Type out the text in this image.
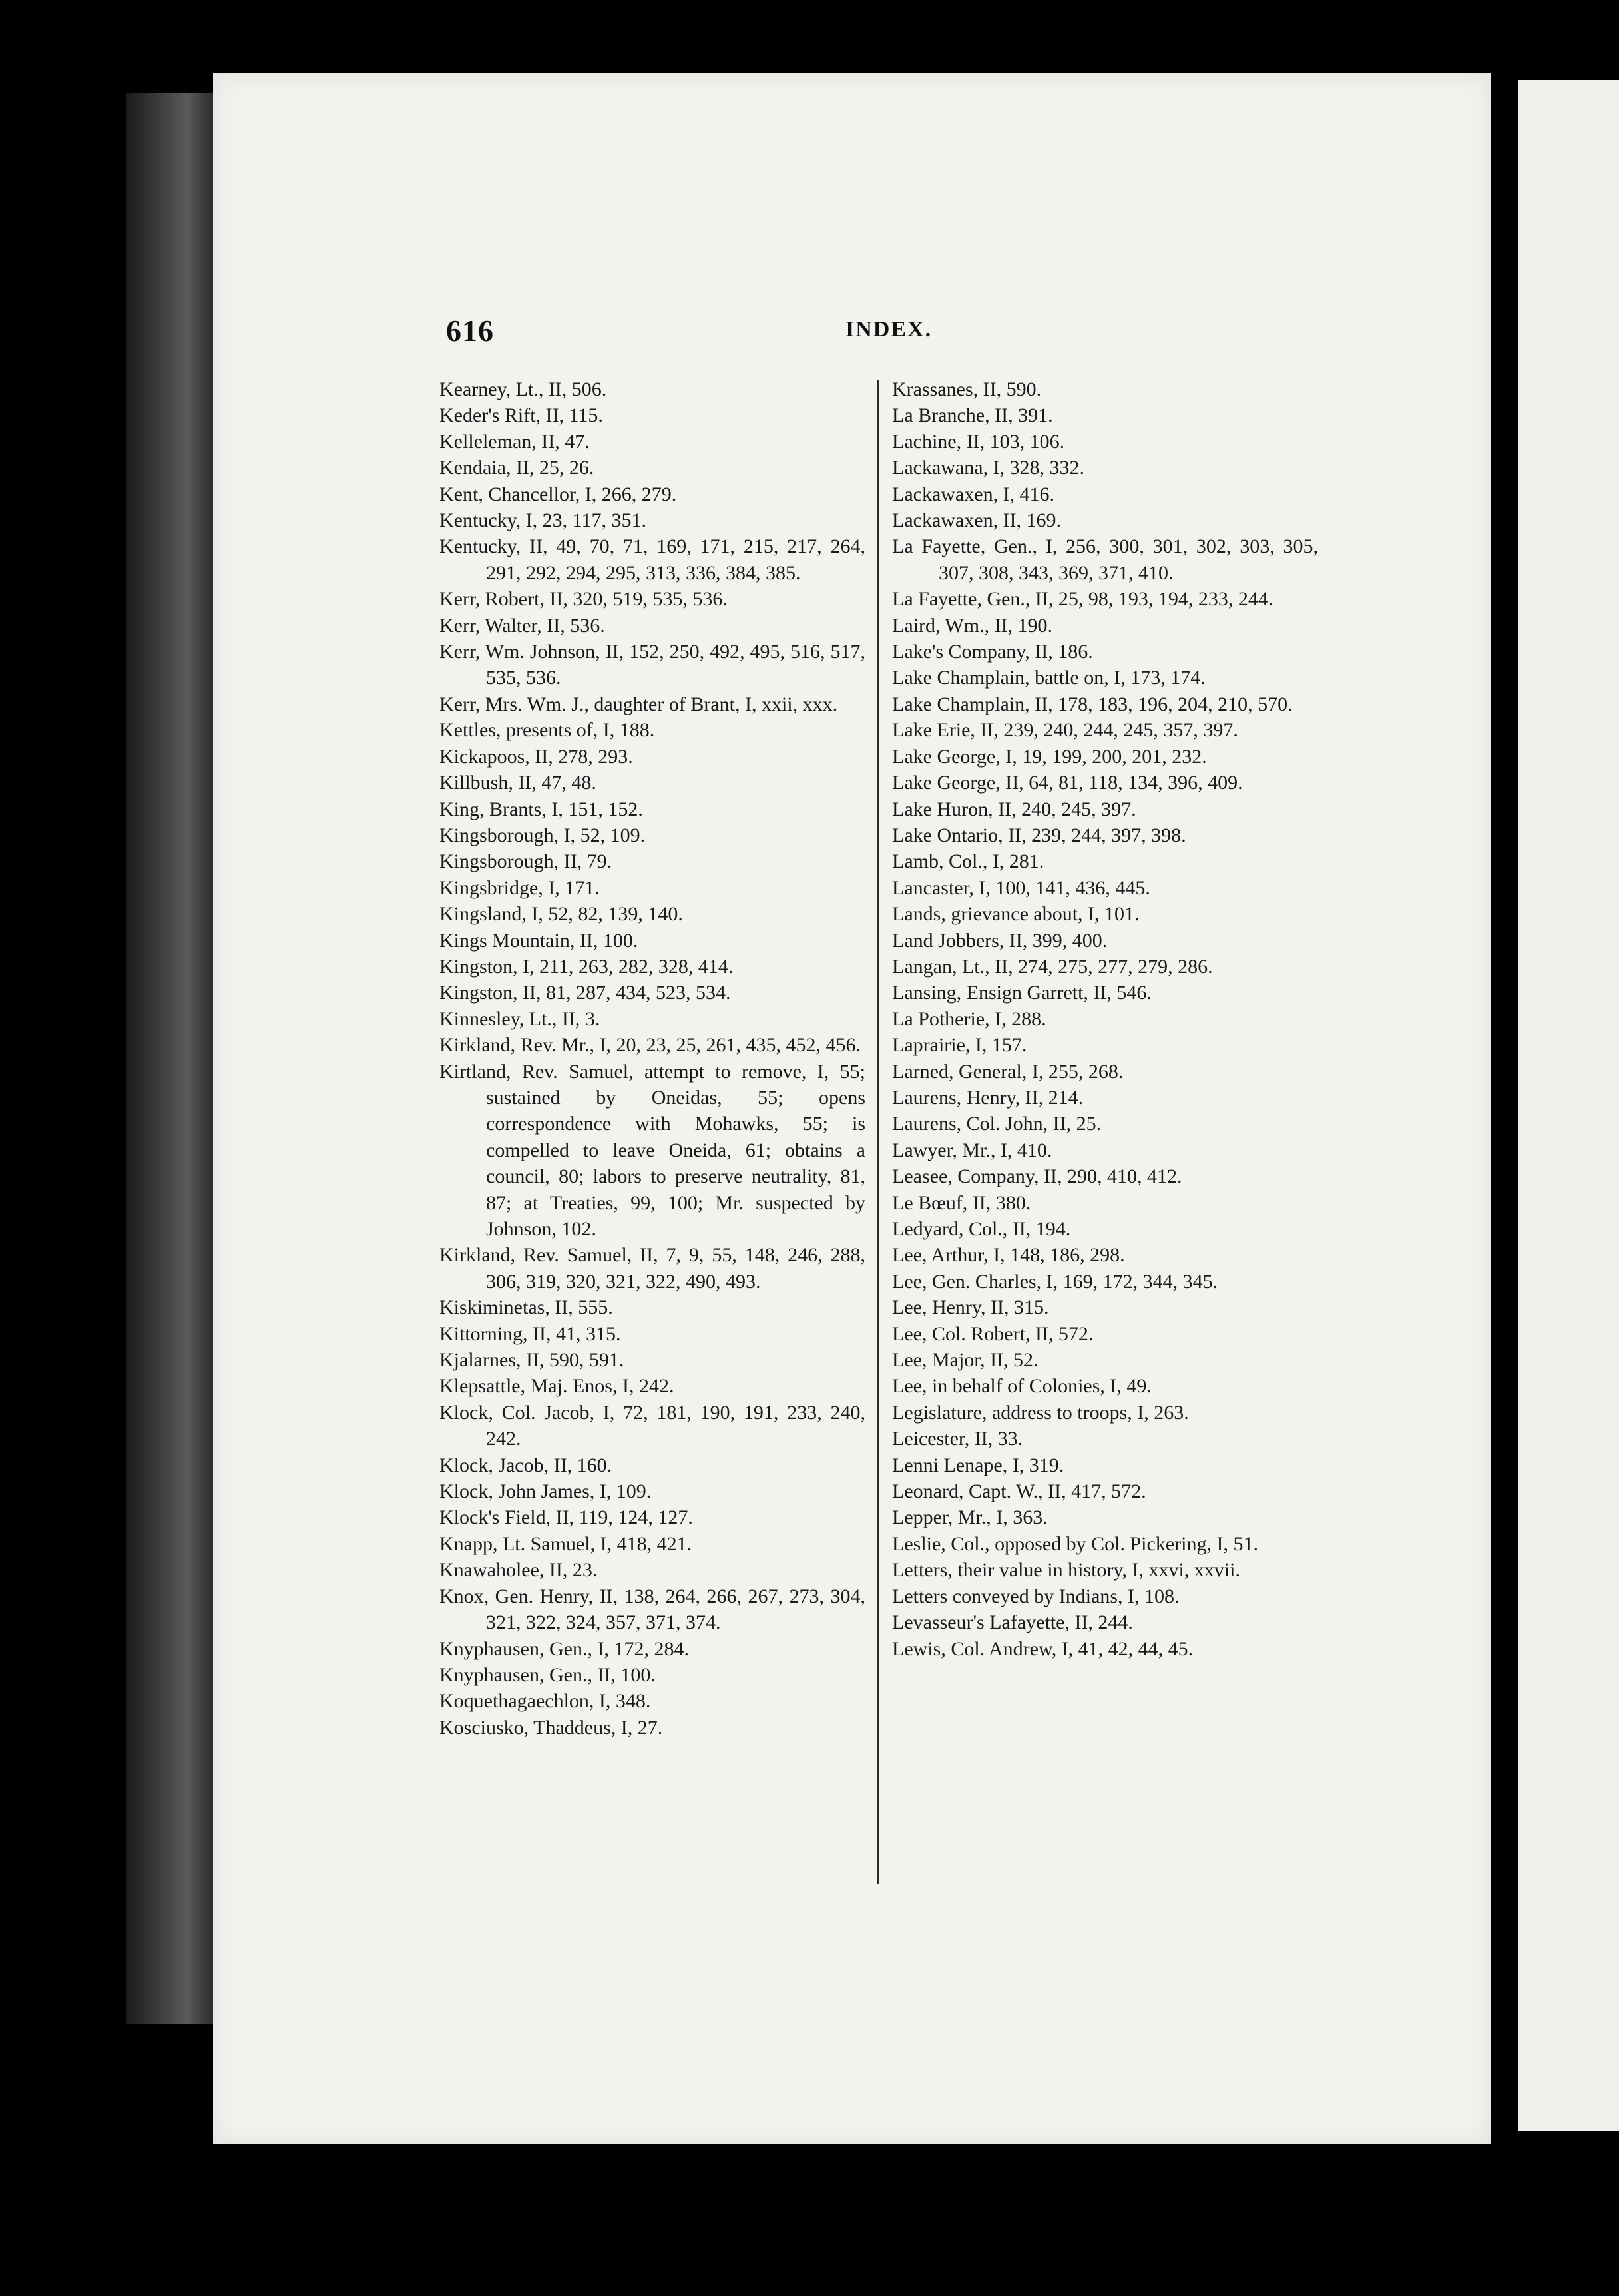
616	INDEX.

Kearney, Lt., II, 506.

Keder's Rift, II, 115.

Kelleleman, II, 47.

Kendaia, II, 25, 26.

Kent, Chancellor, I, 266, 279.

Kentucky, I, 23, 117, 351.

Kentucky, II, 49, 70, 71, 169, 171, 215, 217, 264, 291, 292, 294, 295, 313, 336, 384, 385.

Kerr, Robert, II, 320, 519, 535, 536.

Kerr, Walter, II, 536.

Kerr, Wm. Johnson, II, 152, 250, 492, 495, 516, 517, 535, 536.

Kerr, Mrs. Wm. J., daughter of Brant, I, xxii, xxx.

Kettles, presents of, I, 188.

Kickapoos, II, 278, 293.

Killbush, II, 47, 48.

King, Brants, I, 151, 152.

Kingsborough, I, 52, 109.

Kingsborough, II, 79.

Kingsbridge, I, 171.

Kingsland, I, 52, 82, 139, 140.

Kings Mountain, II, 100.

Kingston, I, 211, 263, 282, 328, 414.

Kingston, II, 81, 287, 434, 523, 534.

Kinnesley, Lt., II, 3.

Kirkland, Rev. Mr., I, 20, 23, 25, 261, 435, 452, 456.

Kirtland, Rev. Samuel, attempt to remove, I, 55; sustained by Oneidas, 55; opens correspondence with Mohawks, 55; is compelled to leave Oneida, 61; obtains a council, 80; labors to preserve neutrality, 81, 87; at Treaties, 99, 100; Mr. suspected by Johnson, 102.

Kirkland, Rev. Samuel, II, 7, 9, 55, 148, 246, 288, 306, 319, 320, 321, 322, 490, 493.

Kiskiminetas, II, 555.

Kittorning, II, 41, 315.

Kjalarnes, II, 590, 591.

Klepsattle, Maj. Enos, I, 242.

Klock, Col. Jacob, I, 72, 181, 190, 191, 233, 240, 242.

Klock, Jacob, II, 160.

Klock, John James, I, 109.

Klock's Field, II, 119, 124, 127.

Knapp, Lt. Samuel, I, 418, 421.

Knawaholee, II, 23.

Knox, Gen. Henry, II, 138, 264, 266, 267, 273, 304, 321, 322, 324, 357, 371, 374.

Knyphausen, Gen., I, 172, 284.

Knyphausen, Gen., II, 100.

Koquethagaechlon, I, 348.

Kosciusko, Thaddeus, I, 27.

Krassanes, II, 590.

La Branche, II, 391.

Lachine, II, 103, 106.

Lackawana, I, 328, 332.

Lackawaxen, I, 416.

Lackawaxen, II, 169.

La Fayette, Gen., I, 256, 300, 301, 302, 303, 305, 307, 308, 343, 369, 371, 410.

La Fayette, Gen., II, 25, 98, 193, 194, 233, 244.

Laird, Wm., II, 190.

Lake's Company, II, 186.

Lake Champlain, battle on, I, 173, 174.

Lake Champlain, II, 178, 183, 196, 204, 210, 570.

Lake Erie, II, 239, 240, 244, 245, 357, 397.

Lake George, I, 19, 199, 200, 201, 232.

Lake George, II, 64, 81, 118, 134, 396, 409.

Lake Huron, II, 240, 245, 397.

Lake Ontario, II, 239, 244, 397, 398.

Lamb, Col., I, 281.

Lancaster, I, 100, 141, 436, 445.

Lands, grievance about, I, 101.

Land Jobbers, II, 399, 400.

Langan, Lt., II, 274, 275, 277, 279, 286.

Lansing, Ensign Garrett, II, 546.

La Potherie, I, 288.

Laprairie, I, 157.

Larned, General, I, 255, 268.

Laurens, Henry, II, 214.

Laurens, Col. John, II, 25.

Lawyer, Mr., I, 410.

Leasee, Company, II, 290, 410, 412.

Le Bœuf, II, 380.

Ledyard, Col., II, 194.

Lee, Arthur, I, 148, 186, 298.

Lee, Gen. Charles, I, 169, 172, 344, 345.

Lee, Henry, II, 315.

Lee, Col. Robert, II, 572.

Lee, Major, II, 52.

Lee, in behalf of Colonies, I, 49.

Legislature, address to troops, I, 263.

Leicester, II, 33.

Lenni Lenape, I, 319.

Leonard, Capt. W., II, 417, 572.

Lepper, Mr., I, 363.

Leslie, Col., opposed by Col. Pickering, I, 51.

Letters, their value in history, I, xxvi, xxvii.

Letters conveyed by Indians, I, 108.

Levasseur's Lafayette, II, 244.

Lewis, Col. Andrew, I, 41, 42, 44, 45.
